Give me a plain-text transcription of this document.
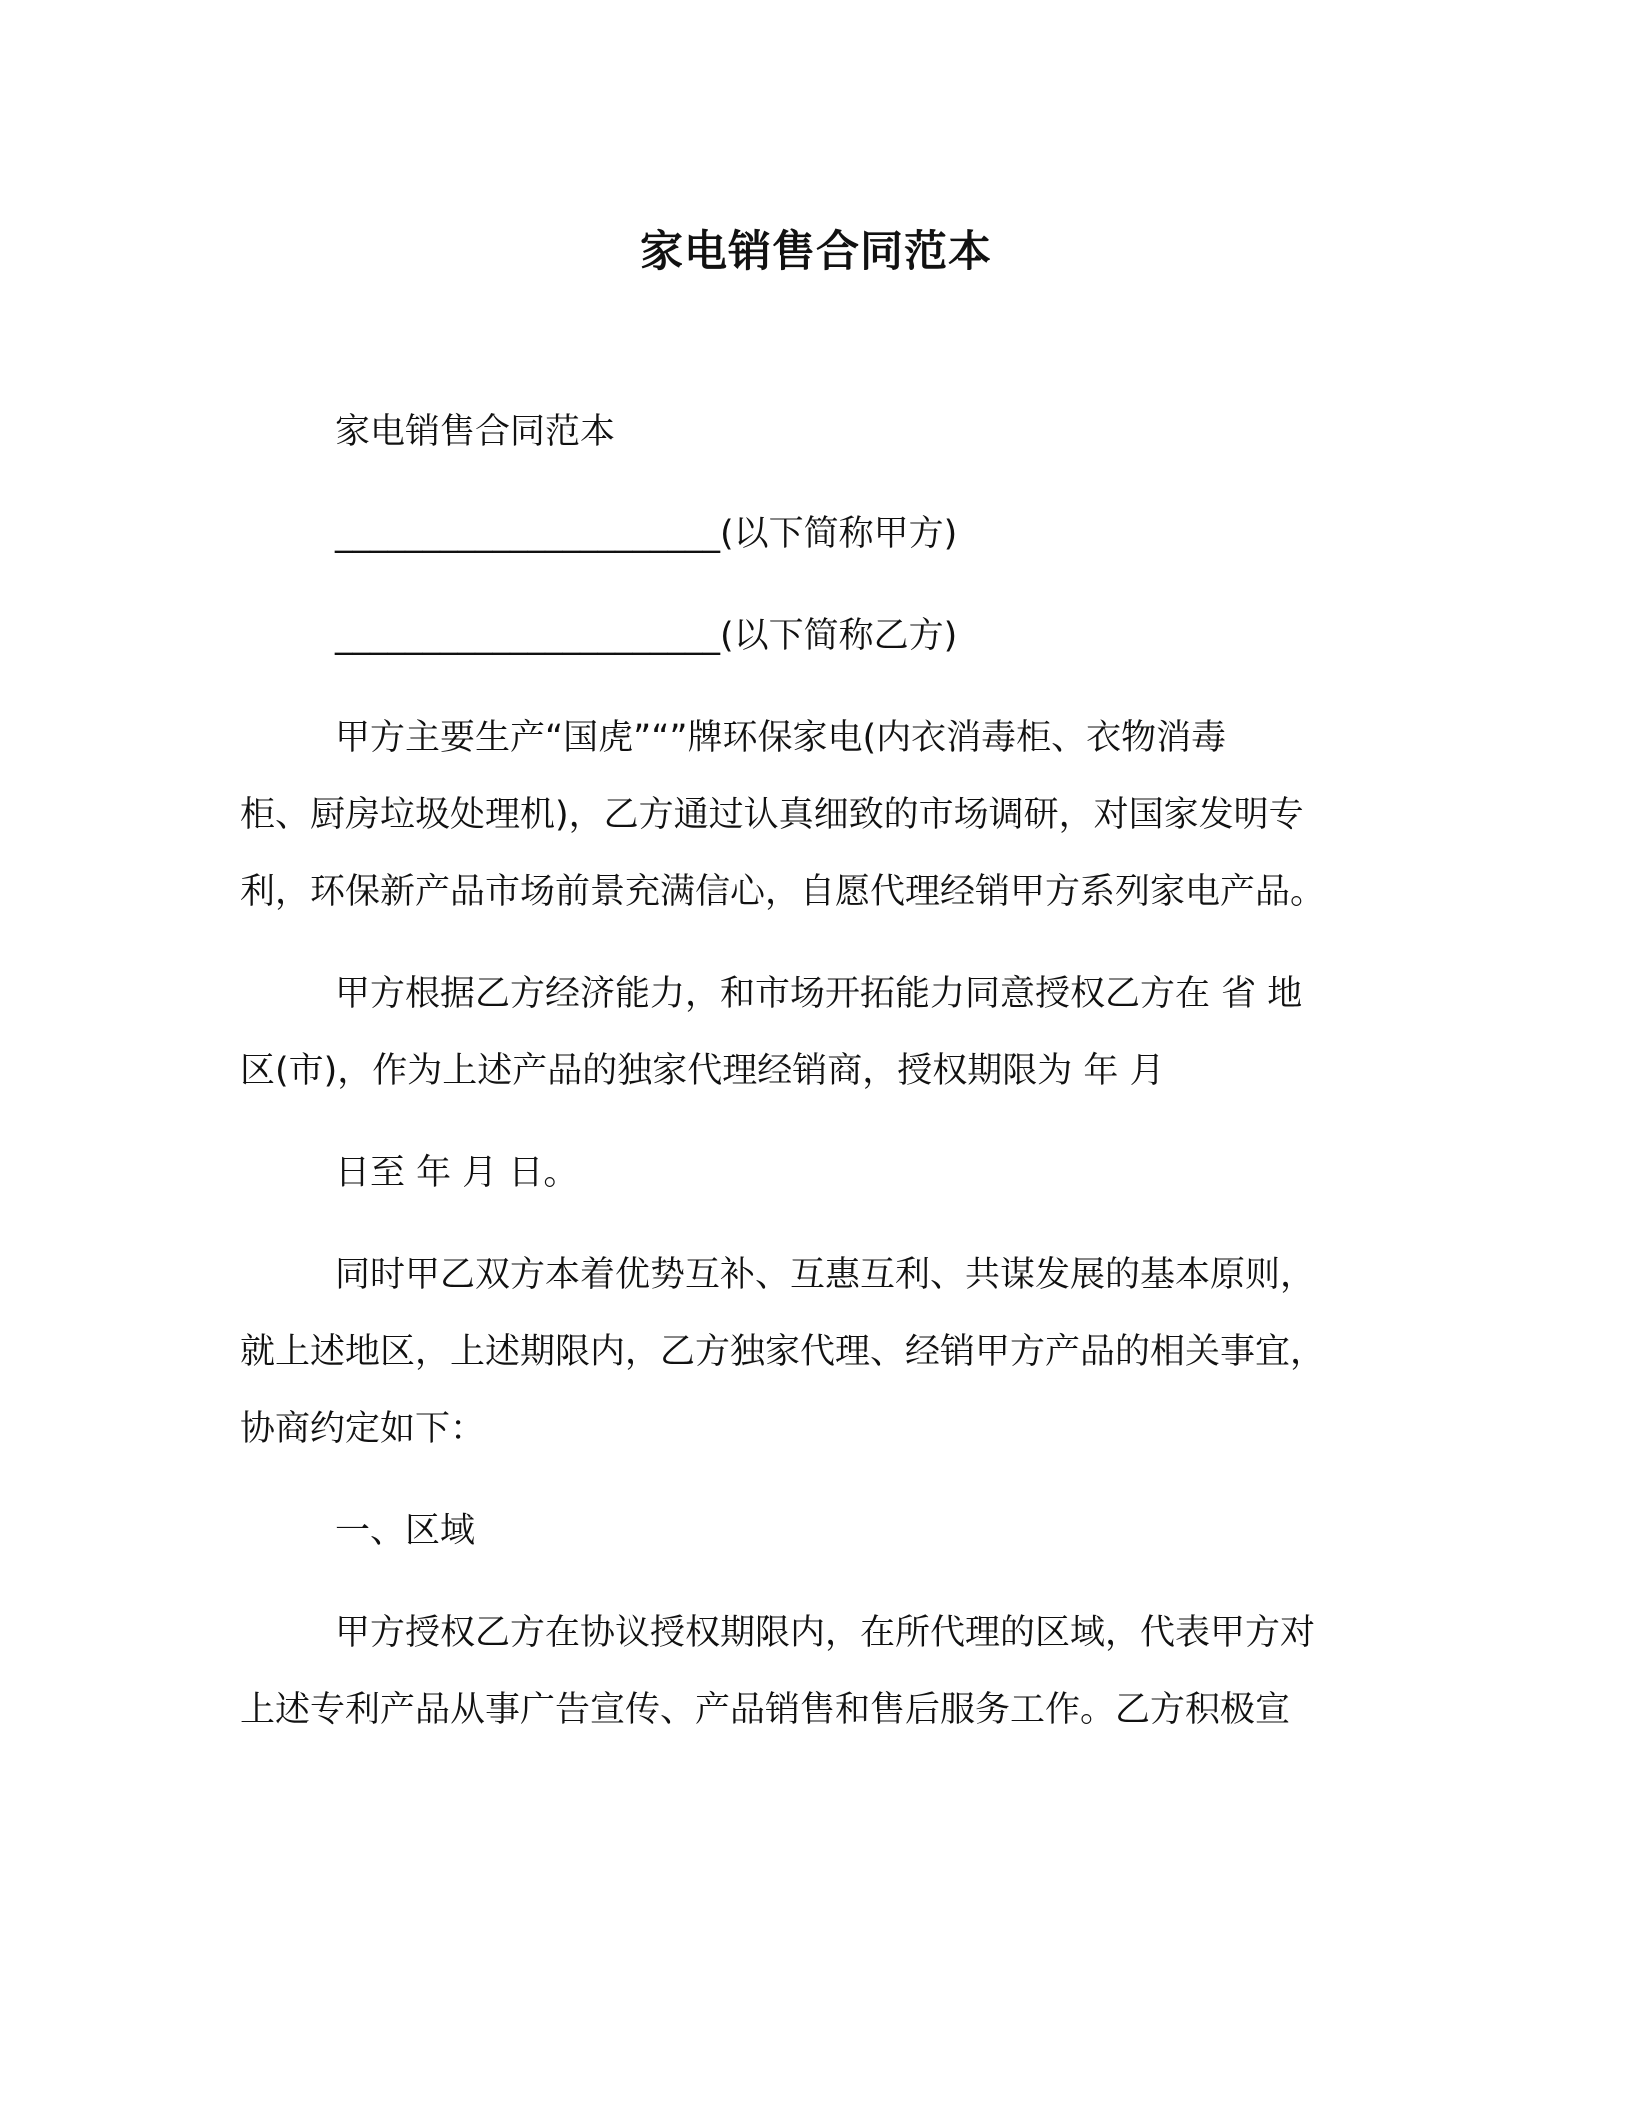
家电销售合同范本

家电销售合同范本

______________________(以下简称甲方)

______________________(以下简称乙方)

甲方主要生产“国虎”“”牌环保家电(内衣消毒柜、衣物消毒
柜、厨房垃圾处理机)，乙方通过认真细致的市场调研，对国家发明专
利，环保新产品市场前景充满信心，自愿代理经销甲方系列家电产品。

甲方根据乙方经济能力，和市场开拓能力同意授权乙方在 省 地
区(市)，作为上述产品的独家代理经销商，授权期限为 年 月

日至 年 月 日。

同时甲乙双方本着优势互补、互惠互利、共谋发展的基本原则，
就上述地区，上述期限内，乙方独家代理、经销甲方产品的相关事宜，
协商约定如下：

一、区域

甲方授权乙方在协议授权期限内，在所代理的区域，代表甲方对
上述专利产品从事广告宣传、产品销售和售后服务工作。乙方积极宣
